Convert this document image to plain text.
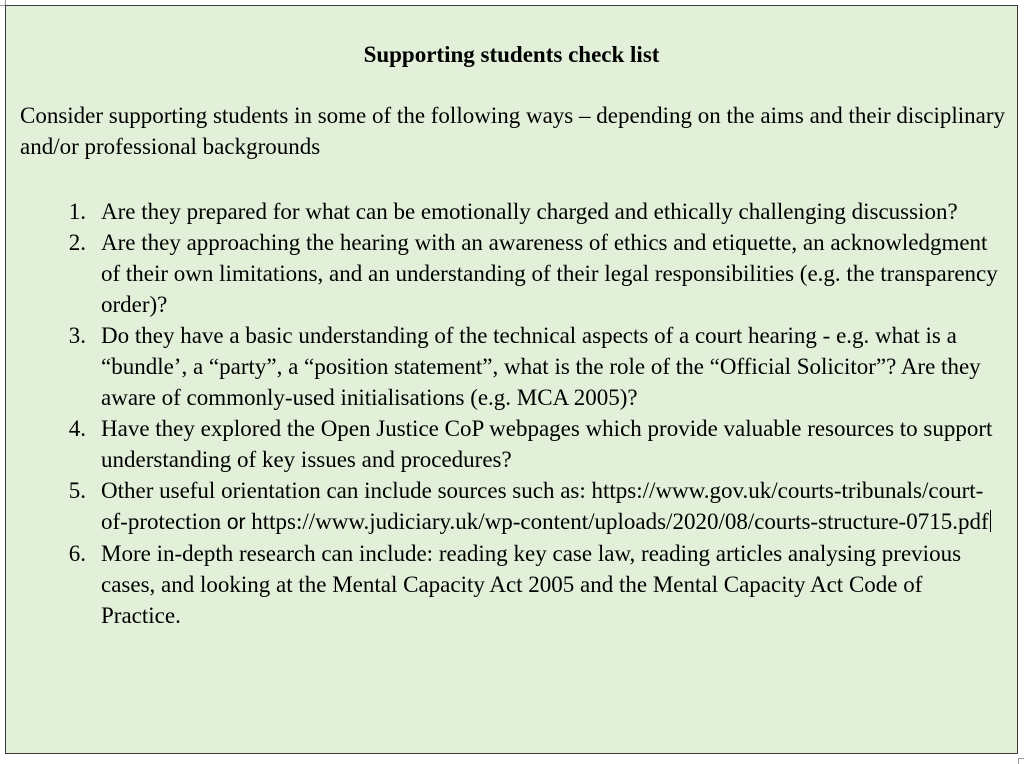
Supporting students check list
Consider supporting students in some of the following ways – depending on the aims and their disciplinary and/or professional backgrounds
1. Are they prepared for what can be emotionally charged and ethically challenging discussion?
2. Are they approaching the hearing with an awareness of ethics and etiquette, an acknowledgment of their own limitations, and an understanding of their legal responsibilities (e.g. the transparency order)?
3. Do they have a basic understanding of the technical aspects of a court hearing - e.g. what is a “bundle’, a “party”, a “position statement”, what is the role of the “Official Solicitor”? Are they aware of commonly-used initialisations (e.g. MCA 2005)?
4. Have they explored the Open Justice CoP webpages which provide valuable resources to support understanding of key issues and procedures?
5. Other useful orientation can include sources such as: https://www.gov.uk/courts-tribunals/court-of-protection or https://www.judiciary.uk/wp-content/uploads/2020/08/courts-structure-0715.pdf
6. More in-depth research can include: reading key case law, reading articles analysing previous cases, and looking at the Mental Capacity Act 2005 and the Mental Capacity Act Code of Practice.
